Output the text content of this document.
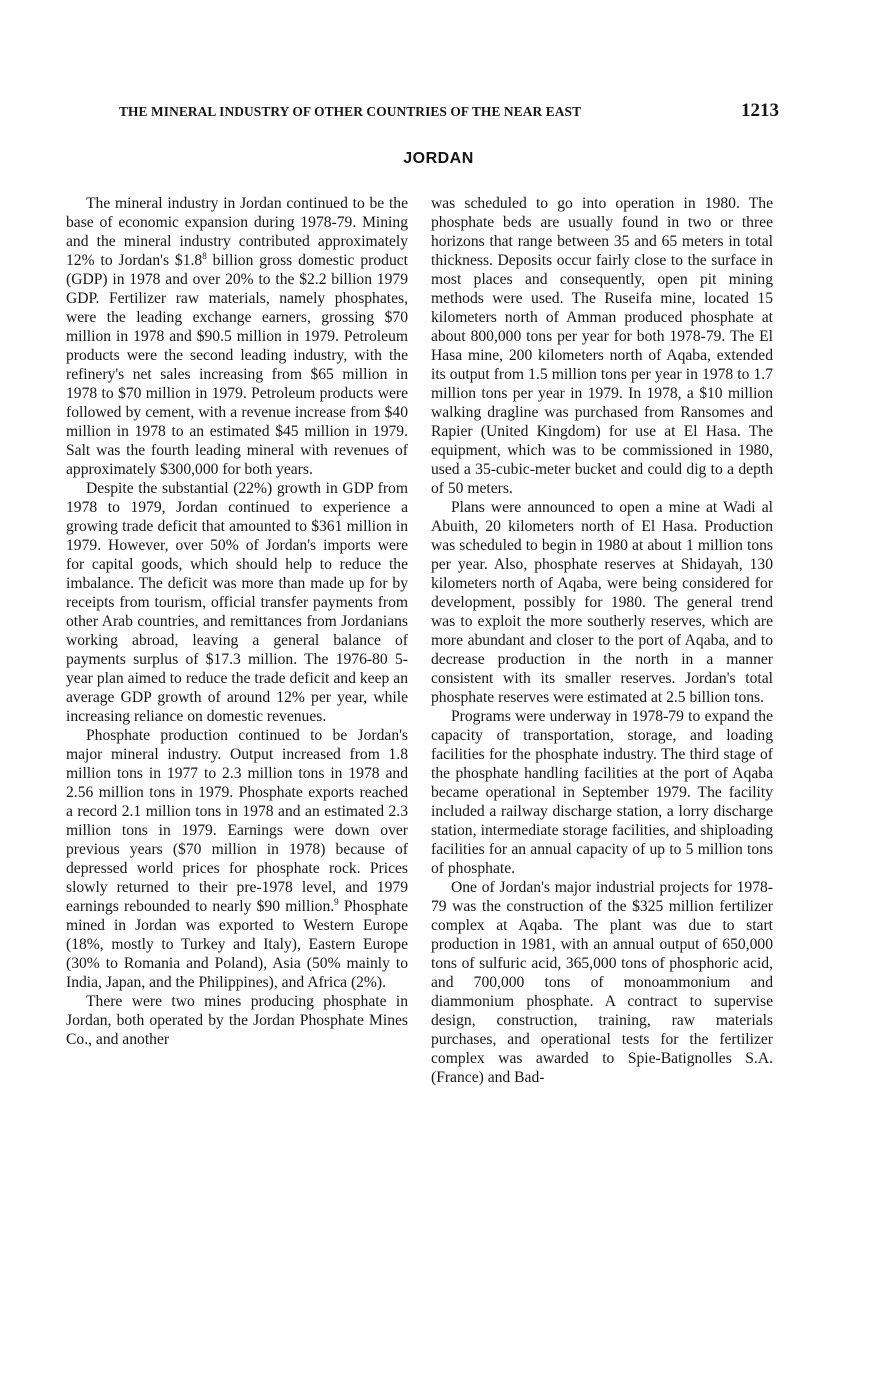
THE MINERAL INDUSTRY OF OTHER COUNTRIES OF THE NEAR EAST	1213
JORDAN

The mineral industry in Jordan continued to be the base of economic expansion during 1978-79. Mining and the mineral industry contributed approximately 12% to Jordan's $\$1.8^8$ billion gross domestic product (GDP) in 1978 and over 20% to the $2.2 billion 1979 GDP. Fertilizer raw materials, namely phosphates, were the leading exchange earners, grossing $70 million in 1978 and $90.5 million in 1979. Petroleum products were the second leading industry, with the refinery's net sales increasing from $65 million in 1978 to $70 million in 1979. Petroleum products were followed by cement, with a revenue increase from $40 million in 1978 to an estimated $45 million in 1979. Salt was the fourth leading mineral with revenues of approximately $300,000 for both years.

Despite the substantial (22%) growth in GDP from 1978 to 1979, Jordan continued to experience a growing trade deficit that amounted to $361 million in 1979. However, over 50% of Jordan's imports were for capital goods, which should help to reduce the imbalance. The deficit was more than made up for by receipts from tourism, official transfer payments from other Arab countries, and remittances from Jordanians working abroad, leaving a general balance of payments surplus of $17.3 million. The 1976-80 5-year plan aimed to reduce the trade deficit and keep an average GDP growth of around 12% per year, while increasing reliance on domestic revenues.

Phosphate production continued to be Jordan's major mineral industry. Output increased from 1.8 million tons in 1977 to 2.3 million tons in 1978 and 2.56 million tons in 1979. Phosphate exports reached a record 2.1 million tons in 1978 and an estimated 2.3 million tons in 1979. Earnings were down over previous years ($70 million in 1978) because of depressed world prices for phosphate rock. Prices slowly returned to their pre-1978 level, and 1979 earnings rebounded to nearly $90 million.$^9$ Phosphate mined in Jordan was exported to Western Europe (18%, mostly to Turkey and Italy), Eastern Europe (30% to Romania and Poland), Asia (50% mainly to India, Japan, and the Philippines), and Africa (2%).

There were two mines producing phosphate in Jordan, both operated by the Jordan Phosphate Mines Co., and another

was scheduled to go into operation in 1980. The phosphate beds are usually found in two or three horizons that range between 35 and 65 meters in total thickness. Deposits occur fairly close to the surface in most places and consequently, open pit mining methods were used. The Ruseifa mine, located 15 kilometers north of Amman produced phosphate at about 800,000 tons per year for both 1978-79. The El Hasa mine, 200 kilometers north of Aqaba, extended its output from 1.5 million tons per year in 1978 to 1.7 million tons per year in 1979. In 1978, a $10 million walking dragline was purchased from Ransomes and Rapier (United Kingdom) for use at El Hasa. The equipment, which was to be commissioned in 1980, used a 35-cubic-meter bucket and could dig to a depth of 50 meters.

Plans were announced to open a mine at Wadi al Abuith, 20 kilometers north of El Hasa. Production was scheduled to begin in 1980 at about 1 million tons per year. Also, phosphate reserves at Shidayah, 130 kilometers north of Aqaba, were being considered for development, possibly for 1980. The general trend was to exploit the more southerly reserves, which are more abundant and closer to the port of Aqaba, and to decrease production in the north in a manner consistent with its smaller reserves. Jordan's total phosphate reserves were estimated at 2.5 billion tons.

Programs were underway in 1978-79 to expand the capacity of transportation, storage, and loading facilities for the phosphate industry. The third stage of the phosphate handling facilities at the port of Aqaba became operational in September 1979. The facility included a railway discharge station, a lorry discharge station, intermediate storage facilities, and shiploading facilities for an annual capacity of up to 5 million tons of phosphate.

One of Jordan's major industrial projects for 1978-79 was the construction of the $325 million fertilizer complex at Aqaba. The plant was due to start production in 1981, with an annual output of 650,000 tons of sulfuric acid, 365,000 tons of phosphoric acid, and 700,000 tons of monoammonium and diammonium phosphate. A contract to supervise design, construction, training, raw materials purchases, and operational tests for the fertilizer complex was awarded to Spie-Batignolles S.A. (France) and Bad-
